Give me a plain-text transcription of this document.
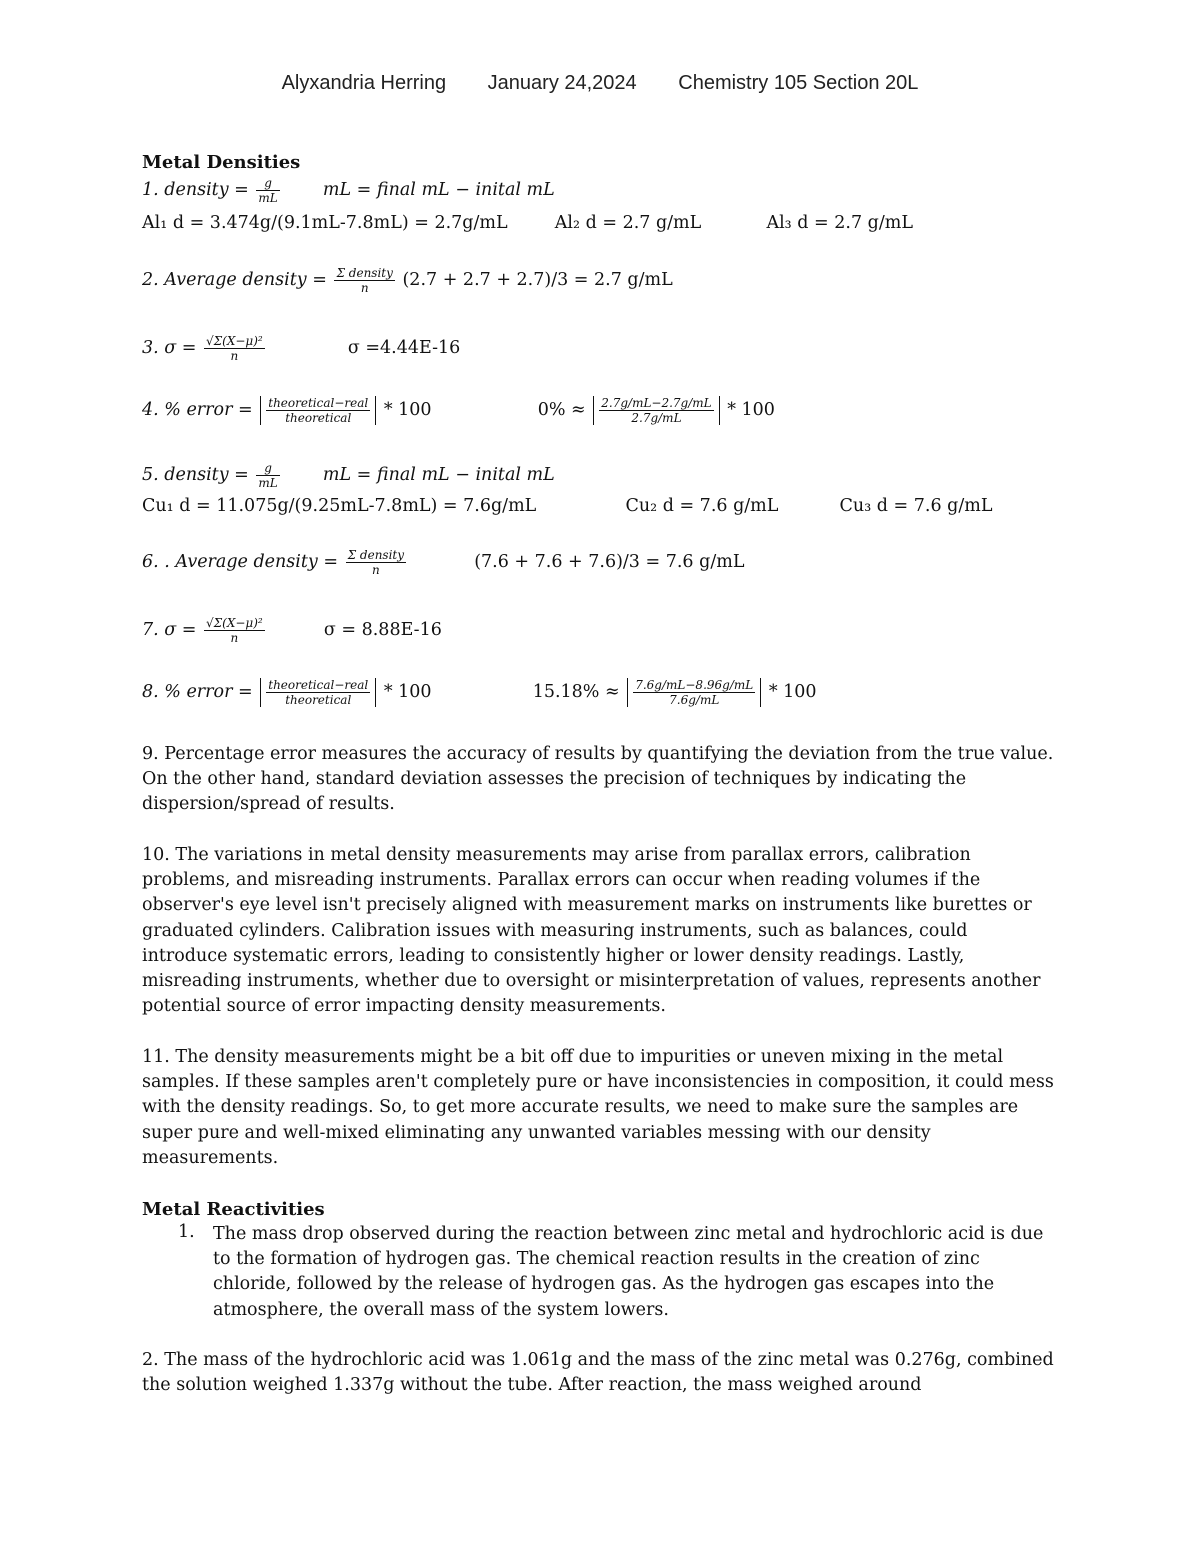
Alyxandria Herring January 24,2024 Chemistry 105 Section 20L
Metal Densities
1. density = $\frac{g}{mL}$ mL = final mL − inital mL
Al₁ d = 3.474g/(9.1mL-7.8mL) = 2.7g/mL	Al₂ d = 2.7 g/mL	Al₃ d = 2.7 g/mL
2. Average density = $\frac{\text{Σ density}}{n} (2.7 + 2.7 + 2.7)/3 = 2.7$ g/mL
3. $\sigma = \frac{\text{√Σ(X−μ)²}}{n}$	σ =4.44E-16
4. % error = $\frac{\text{theoretical−real}}{\text{theoretical}} * 100$	$0\% \approx \frac{2.7g/mL-2.7g/mL}{2.7g/mL} * 100$
5. density = $\frac{g}{mL}$ mL = final mL − inital mL
Cu₁ d = 11.075g/(9.25mL-7.8mL) = 7.6g/mL	Cu₂ d = 7.6 g/mL	Cu₃ d = 7.6 g/mL
6. . Average density = $\frac{\text{Σ density}}{n}$	(7.6 + 7.6 + 7.6)/3 = 7.6 g/mL
7. $\sigma = \frac{\text{√Σ(X−μ)²}}{n}$	σ = 8.88E-16
8. % error = $\frac{\text{theoretical−real}}{\text{theoretical}} * 100$	$15.18\% \approx \frac{7.6g/mL-8.96g/mL}{7.6g/mL} * 100$
9. Percentage error measures the accuracy of results by quantifying the deviation from the true value. On the other hand, standard deviation assesses the precision of techniques by indicating the dispersion/spread of results.
10. The variations in metal density measurements may arise from parallax errors, calibration problems, and misreading instruments. Parallax errors can occur when reading volumes if the observer's eye level isn't precisely aligned with measurement marks on instruments like burettes or graduated cylinders. Calibration issues with measuring instruments, such as balances, could introduce systematic errors, leading to consistently higher or lower density readings. Lastly, misreading instruments, whether due to oversight or misinterpretation of values, represents another potential source of error impacting density measurements.
11. The density measurements might be a bit off due to impurities or uneven mixing in the metal samples. If these samples aren't completely pure or have inconsistencies in composition, it could mess with the density readings. So, to get more accurate results, we need to make sure the samples are super pure and well-mixed eliminating any unwanted variables messing with our density measurements.
Metal Reactivities
1. The mass drop observed during the reaction between zinc metal and hydrochloric acid is due to the formation of hydrogen gas. The chemical reaction results in the creation of zinc chloride, followed by the release of hydrogen gas. As the hydrogen gas escapes into the atmosphere, the overall mass of the system lowers.
2. The mass of the hydrochloric acid was 1.061g and the mass of the zinc metal was 0.276g, combined the solution weighed 1.337g without the tube. After reaction, the mass weighed around
